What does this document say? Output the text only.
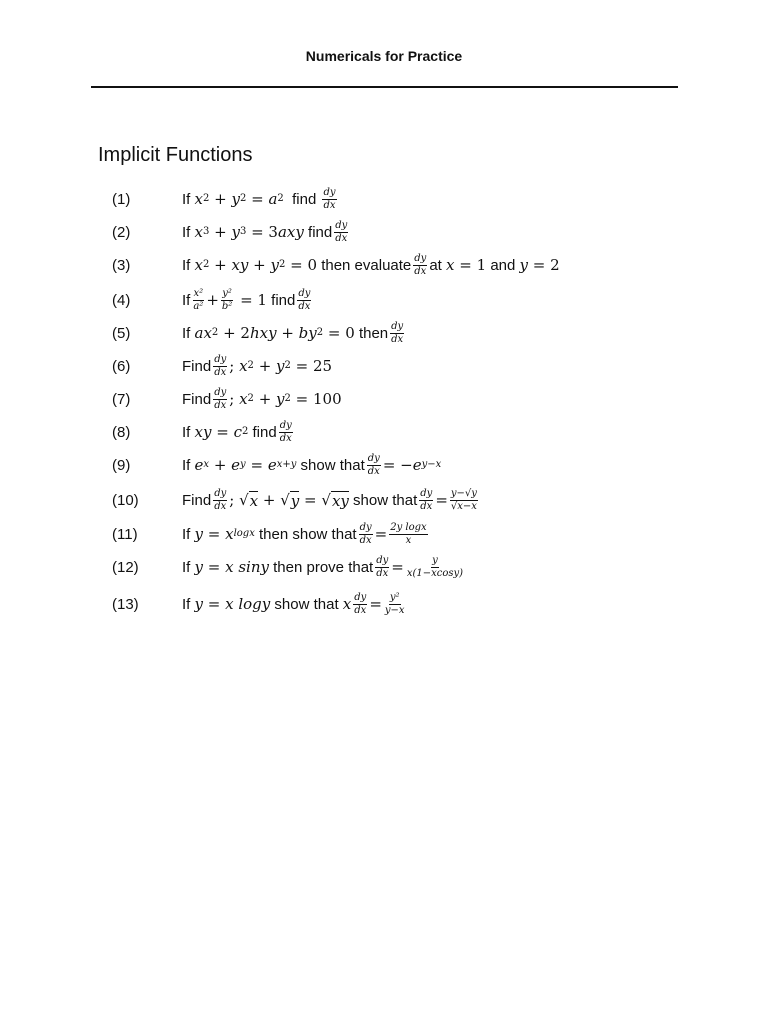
Numericals for Practice
Implicit Functions
(1)	If x 2 + y 2 = a 2 find $\frac{dy}{dx}$
(2)	If x 3 + y 3 = 3 axy find $\frac{dy}{dx}$
(3)	If x 2 + xy + y 2 = 0 then evaluate $\frac{dy}{dx}$ at x = 1 and y = 2
(4)	If $\frac{\text{x²}}{\text{a²}} + \frac{\text{y²}}{\text{b²}} = 1$ find $\frac{dy}{dx}$
(5)	If ax 2 + 2 hxy + by 2 = 0 then $\frac{dy}{dx}$
(6)	Find $\frac{dy}{dx}$ ; x 2 + y 2 = 25
(7)	Find $\frac{dy}{dx}$ ; x 2 + y 2 = 100
(8)	If xy = c 2 find $\frac{dy}{dx}$
(9)	If e x + e y = e x+y show that $\frac{dy}{dx}$ = − e y−x
(10)	Find $\frac{dy}{dx}$ ; √ x + √ y = √ xy show that $\frac{dy}{dx} = \frac{y-√y}{√x-x}$
(11)	If y = x logx then show that $\frac{dy}{dx} = \frac{\text{2y logx}}{x}$
(12)	If y = x siny then prove that $\frac{dy}{dx} = \frac{y}{x(1-xcosy)}$
(13)	If y = x logy show that x $\frac{dy}{dx} = \frac{\text{y²}}{y-x}$
